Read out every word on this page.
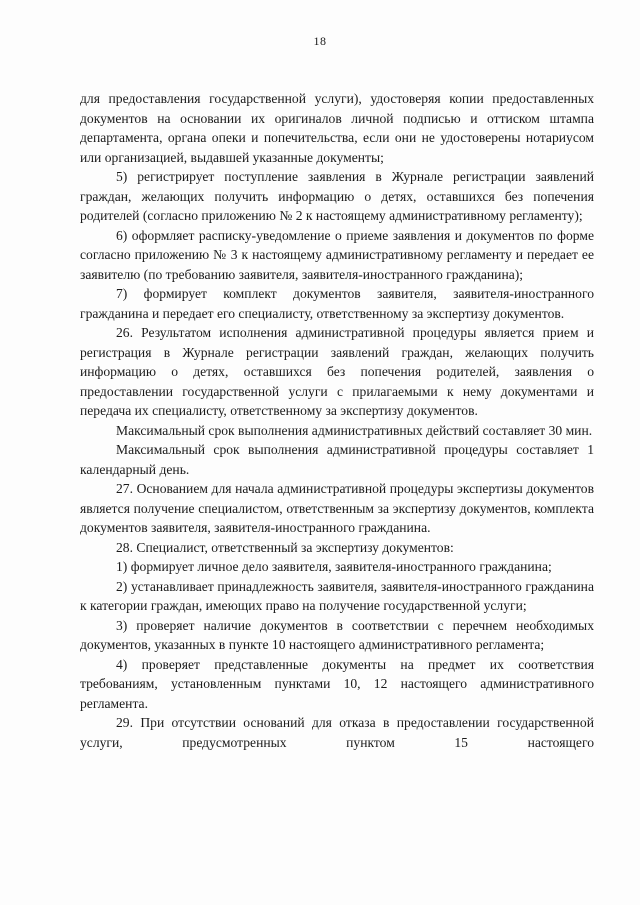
18

для предоставления государственной услуги), удостоверяя копии предоставленных документов на основании их оригиналов личной подписью и оттиском штампа департамента, органа опеки и попечительства, если они не удостоверены нотариусом или организацией, выдавшей указанные документы;

5) регистрирует поступление заявления в Журнале регистрации заявлений граждан, желающих получить информацию о детях, оставшихся без попечения родителей (согласно приложению № 2 к настоящему административному регламенту);

6) оформляет расписку-уведомление о приеме заявления и документов по форме согласно приложению № 3 к настоящему административному регламенту и передает ее заявителю (по требованию заявителя, заявителя-иностранного гражданина);

7) формирует комплект документов заявителя, заявителя-иностранного гражданина и передает его специалисту, ответственному за экспертизу документов.

26. Результатом исполнения административной процедуры является прием и регистрация в Журнале регистрации заявлений граждан, желающих получить информацию о детях, оставшихся без попечения родителей, заявления о предоставлении государственной услуги с прилагаемыми к нему документами и передача их специалисту, ответственному за экспертизу документов.

Максимальный срок выполнения административных действий составляет 30 мин.

Максимальный срок выполнения административной процедуры составляет 1 календарный день.

27. Основанием для начала административной процедуры экспертизы документов является получение специалистом, ответственным за экспертизу документов, комплекта документов заявителя, заявителя-иностранного гражданина.

28. Специалист, ответственный за экспертизу документов:

1) формирует личное дело заявителя, заявителя-иностранного гражданина;

2) устанавливает принадлежность заявителя, заявителя-иностранного гражданина к категории граждан, имеющих право на получение государственной услуги;

3) проверяет наличие документов в соответствии с перечнем необходимых документов, указанных в пункте 10 настоящего административного регламента;

4) проверяет представленные документы на предмет их соответствия требованиям, установленным пунктами 10, 12 настоящего административного регламента.

29. При отсутствии оснований для отказа в предоставлении государственной услуги, предусмотренных пунктом 15 настоящего
